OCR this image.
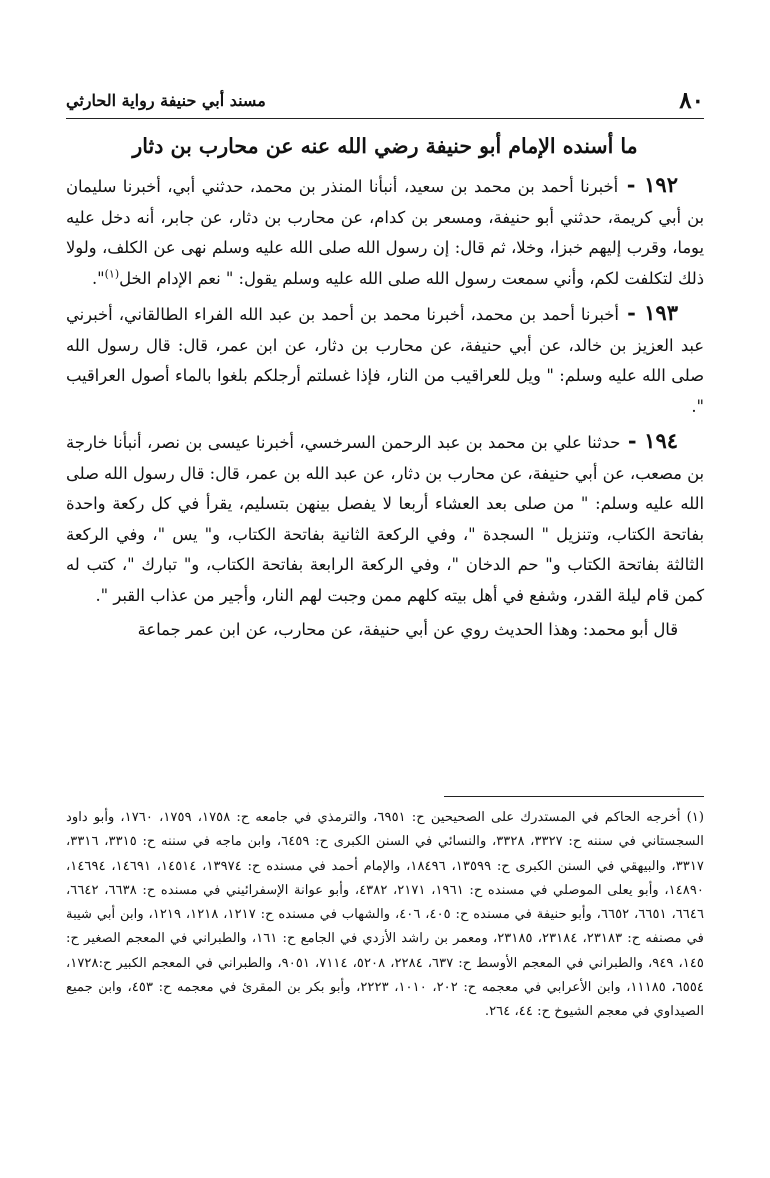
٨٠
مسند أبي حنيفة رواية الحارثي
ما أسنده الإمام أبو حنيفة رضي الله عنه عن محارب بن دثار

١٩٢ - أخبرنا أحمد بن محمد بن سعيد، أنبأنا المنذر بن محمد، حدثني أبي، أخبرنا سليمان بن أبي كريمة، حدثني أبو حنيفة، ومسعر بن كدام، عن محارب بن دثار، عن جابر، أنه دخل عليه يوما، وقرب إليهم خبزا، وخلا، ثم قال: إن رسول الله صلى الله عليه وسلم نهى عن الكلف، ولولا ذلك لتكلفت لكم، وأني سمعت رسول الله صلى الله عليه وسلم يقول: " نعم الإدام الخل$^{(١)}$".

١٩٣ - أخبرنا أحمد بن محمد، أخبرنا محمد بن أحمد بن عبد الله الفراء الطالقاني، أخبرني عبد العزيز بن خالد، عن أبي حنيفة، عن محارب بن دثار، عن ابن عمر، قال: قال رسول الله صلى الله عليه وسلم: " ويل للعراقيب من النار، فإذا غسلتم أرجلكم بلغوا بالماء أصول العراقيب ".

١٩٤ - حدثنا علي بن محمد بن عبد الرحمن السرخسي، أخبرنا عيسى بن نصر، أنبأنا خارجة بن مصعب، عن أبي حنيفة، عن محارب بن دثار، عن عبد الله بن عمر، قال: قال رسول الله صلى الله عليه وسلم: " من صلى بعد العشاء أربعا لا يفصل بينهن بتسليم، يقرأ في كل ركعة واحدة بفاتحة الكتاب، وتنزيل " السجدة "، وفي الركعة الثانية بفاتحة الكتاب، و" يس "، وفي الركعة الثالثة بفاتحة الكتاب و" حم الدخان "، وفي الركعة الرابعة بفاتحة الكتاب، و" تبارك "، كتب له كمن قام ليلة القدر، وشفع في أهل بيته كلهم ممن وجبت لهم النار، وأجير من عذاب القبر ".

قال أبو محمد: وهذا الحديث روي عن أبي حنيفة، عن محارب، عن ابن عمر جماعة

(١) أخرجه الحاكم في المستدرك على الصحيحين ح: ٦٩٥١، والترمذي في جامعه ح: ١٧٥٨، ١٧٥٩، ١٧٦٠، وأبو داود السجستاني في سننه ح: ٣٣٢٧، ٣٣٢٨، والنسائي في السنن الكبرى ح: ٦٤٥٩، وابن ماجه في سننه ح: ٣٣١٥، ٣٣١٦، ٣٣١٧، والبيهقي في السنن الكبرى ح: ١٣٥٩٩، ١٨٤٩٦، والإمام أحمد في مسنده ح: ١٣٩٧٤، ١٤٥١٤، ١٤٦٩١، ١٤٦٩٤، ١٤٨٩٠، وأبو يعلى الموصلي في مسنده ح: ١٩٦١، ٢١٧١، ٤٣٨٢، وأبو عوانة الإسفرائيني في مسنده ح: ٦٦٣٨، ٦٦٤٢، ٦٦٤٦، ٦٦٥١، ٦٦٥٢، وأبو حنيفة في مسنده ح: ٤٠٥، ٤٠٦، والشهاب في مسنده ح: ١٢١٧، ١٢١٨، ١٢١٩، وابن أبي شيبة في مصنفه ح: ٢٣١٨٣، ٢٣١٨٤، ٢٣١٨٥، ومعمر بن راشد الأزدي في الجامع ح: ١٦١، والطبراني في المعجم الصغير ح: ١٤٥، ٩٤٩، والطبراني في المعجم الأوسط ح: ٦٣٧، ٢٢٨٤، ٥٢٠٨، ٧١١٤، ٩٠٥١، والطبراني في المعجم الكبير ح:١٧٢٨، ٦٥٥٤، ١١١٨٥، وابن الأعرابي في معجمه ح: ٢٠٢، ١٠١٠، ٢٢٢٣، وأبو بكر بن المقرئ في معجمه ح: ٤٥٣، وابن جميع الصيداوي في معجم الشيوخ ح: ٤٤، ٢٦٤.
